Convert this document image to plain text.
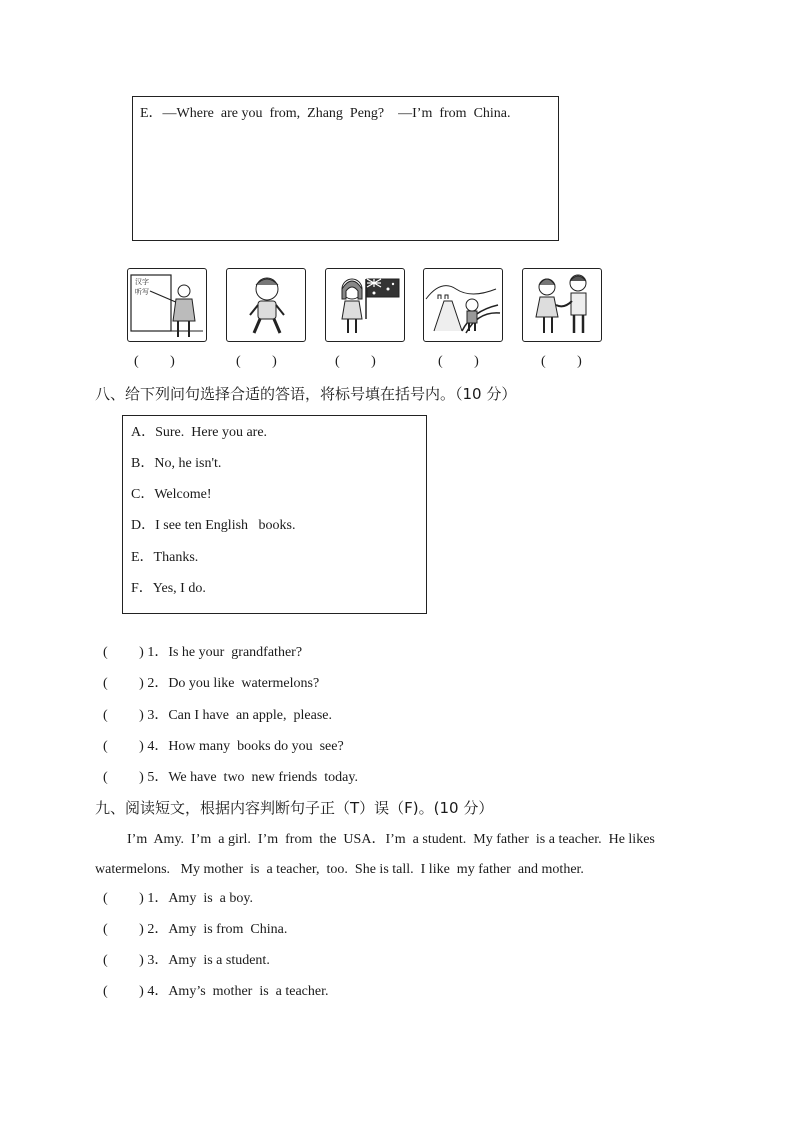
E．—Where  are you  from,  Zhang  Peng?    —I’m  from  China.
汉字
听写
(         )	(         )	(         )	(         )	(         )
八、给下列问句选择合适的答语，将标号填在括号内。（10 分）
A．Sure.  Here you are.
B．No, he isn't.
C．Welcome!
D．I see ten English   books.
E．Thanks.
F．Yes, I do.
(         ) 1．Is he your  grandfather?
(         ) 2．Do you like  watermelons?
(         ) 3．Can I have  an apple,  please.
(         ) 4．How many  books do you  see?
(         ) 5．We have  two  new friends  today.
九、阅读短文，根据内容判断句子正（T）误（F)。(10 分）
I’m  Amy.  I’m  a girl.  I’m  from  the  USA．I’m  a student.  My father  is a teacher.  He likes
watermelons.   My mother  is  a teacher,  too.  She is tall.  I like  my father  and mother.
(         ) 1．Amy  is  a boy.
(         ) 2．Amy  is from  China.
(         ) 3．Amy  is a student.
(         ) 4．Amy’s  mother  is  a teacher.
